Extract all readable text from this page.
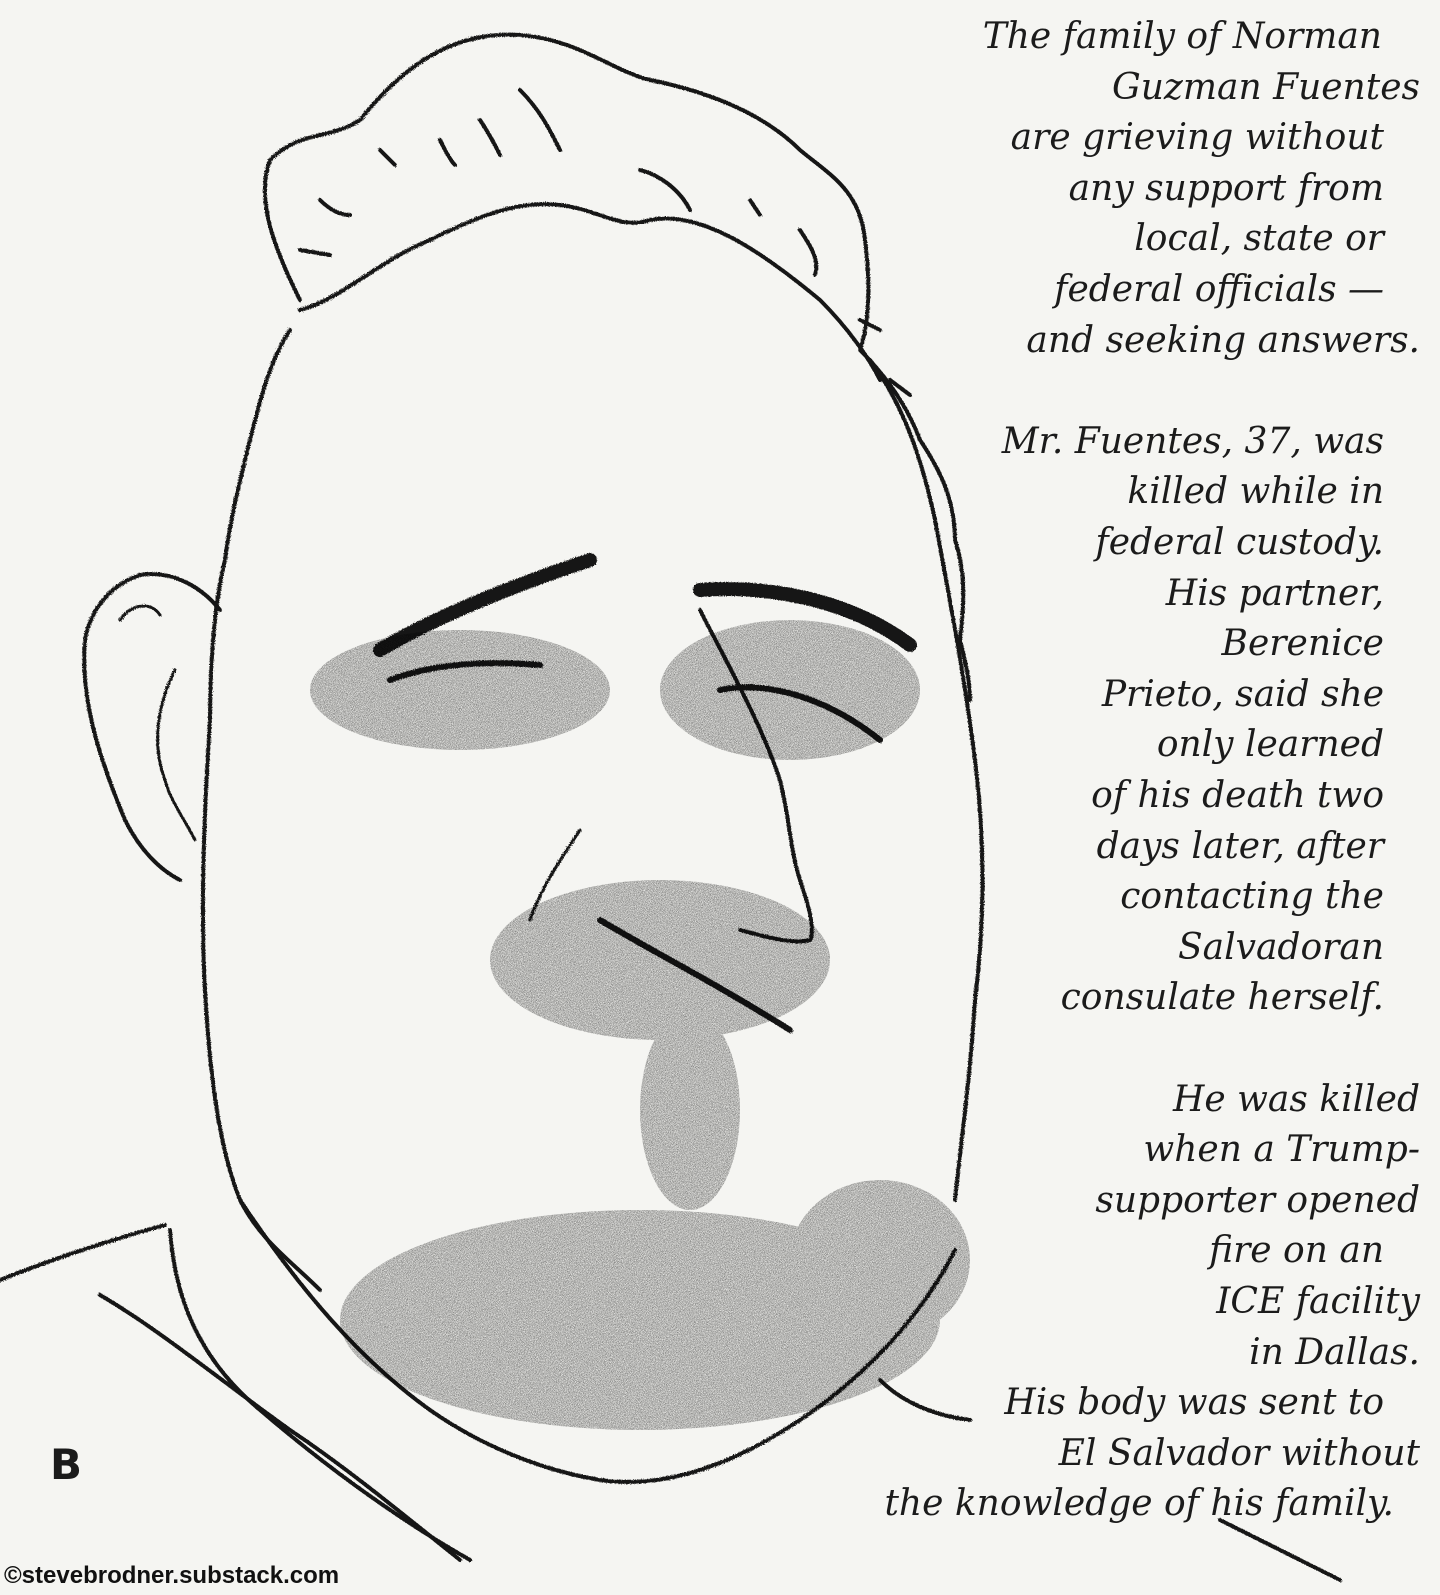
The family of Norman
Guzman Fuentes
are grieving without
any support from
local, state or
federal officials —
and seeking answers.
Mr. Fuentes, 37, was
killed while in
federal custody.
His partner,
Berenice
Prieto, said she
only learned
of his death two
days later, after
contacting the
Salvadoran
consulate herself.
He was killed
when a Trump-
supporter opened
fire on an
ICE facility
in Dallas.
His body was sent to
El Salvador without
the knowledge of his family.
B
©stevebrodner.substack.com
